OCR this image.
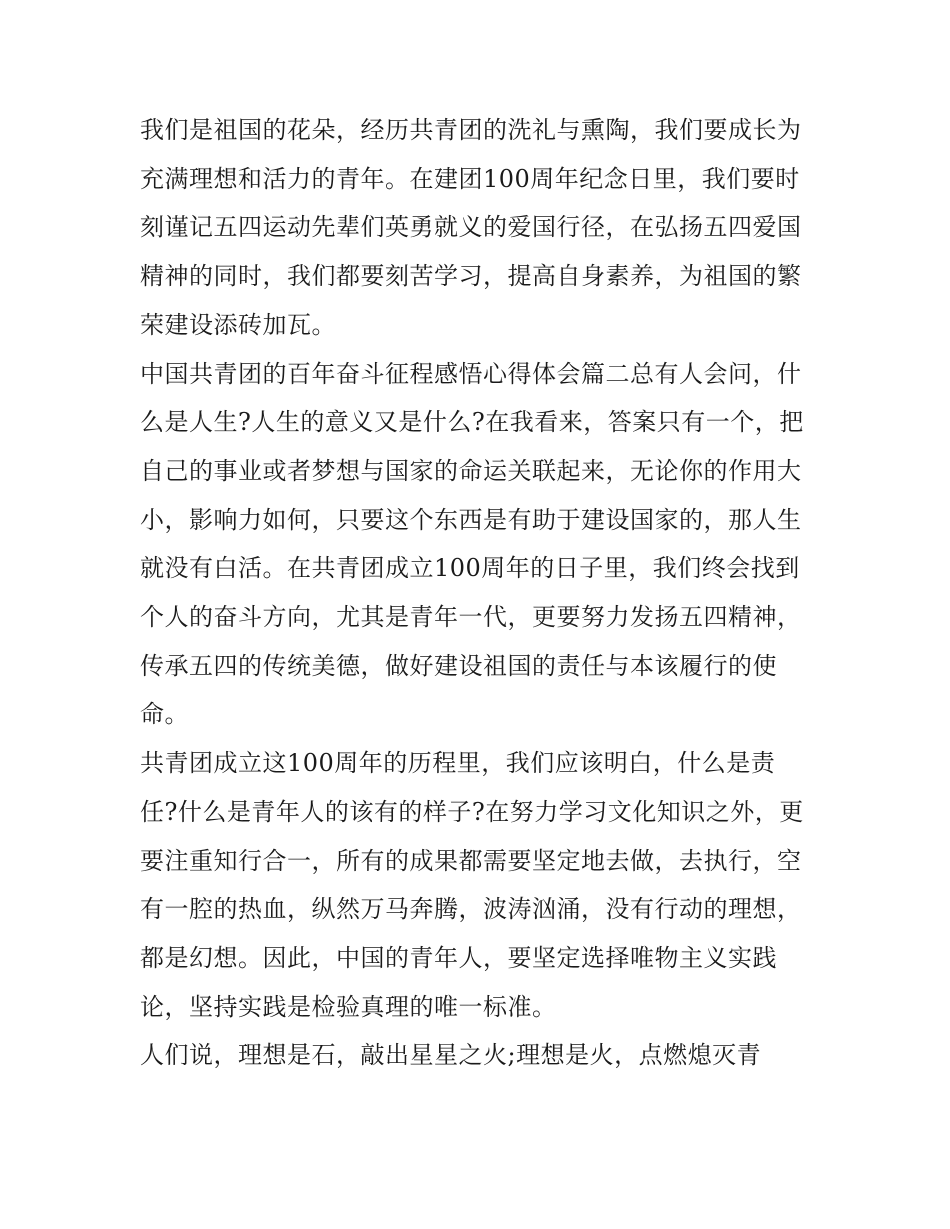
我们是祖国的花朵，经历共青团的洗礼与熏陶，我们要成长为
充满理想和活力的青年。在建团100周年纪念日里，我们要时
刻谨记五四运动先辈们英勇就义的爱国行径，在弘扬五四爱国
精神的同时，我们都要刻苦学习，提高自身素养，为祖国的繁
荣建设添砖加瓦。

中国共青团的百年奋斗征程感悟心得体会篇二总有人会问，什
么是人生?人生的意义又是什么?在我看来，答案只有一个，把
自己的事业或者梦想与国家的命运关联起来，无论你的作用大
小，影响力如何，只要这个东西是有助于建设国家的，那人生
就没有白活。在共青团成立100周年的日子里，我们终会找到
个人的奋斗方向，尤其是青年一代，更要努力发扬五四精神，
传承五四的传统美德，做好建设祖国的责任与本该履行的使
命。

共青团成立这100周年的历程里，我们应该明白，什么是责
任?什么是青年人的该有的样子?在努力学习文化知识之外，更
要注重知行合一，所有的成果都需要坚定地去做，去执行，空
有一腔的热血，纵然万马奔腾，波涛汹涌，没有行动的理想，
都是幻想。因此，中国的青年人，要坚定选择唯物主义实践
论，坚持实践是检验真理的唯一标准。

人们说，理想是石，敲出星星之火;理想是火，点燃熄灭青
